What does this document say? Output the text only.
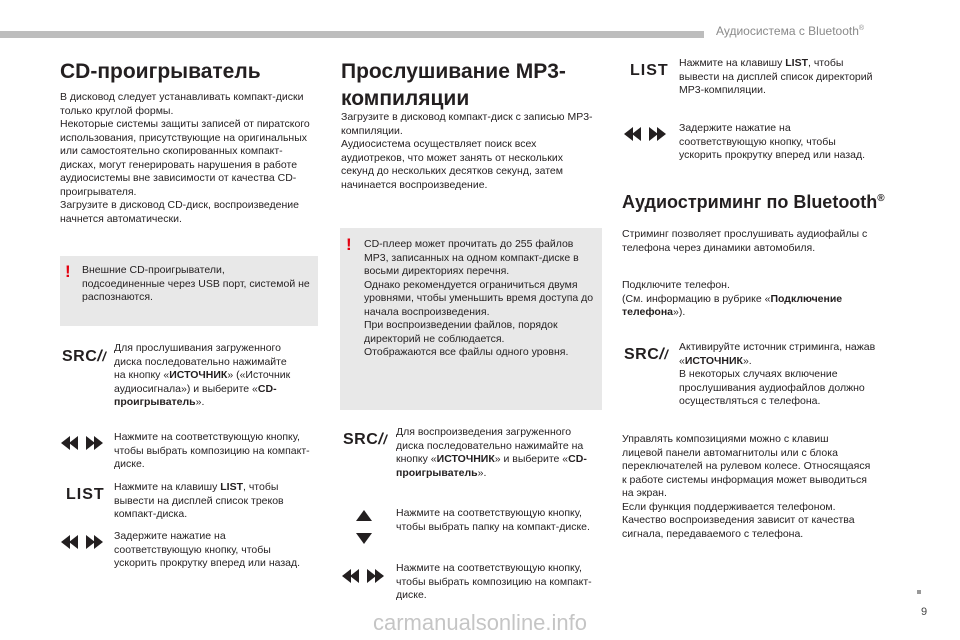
Аудиосистема с Bluetooth®
CD-проигрыватель
В дисковод следует устанавливать компакт-диски
только круглой формы.
Некоторые системы защиты записей от пиратского
использования, присутствующие на оригинальных
или самостоятельно скопированных компакт-
дисках, могут генерировать нарушения в работе
аудиосистемы вне зависимости от качества CD-
проигрывателя.
Загрузите в дисковод CD-диск, воспроизведение
начнется автоматически.
! Внешние CD-проигрыватели,
подсоединенные через USB порт, системой не
распознаются.
SRC//
Для прослушивания загруженного
диска последовательно нажимайте
на кнопку «ИСТОЧНИК» («Источник
аудиосигнала») и выберите «CD-
проигрыватель».
Нажмите на соответствующую кнопку,
чтобы выбрать композицию на компакт-
диске.
LIST Нажмите на клавишу LIST, чтобы
вывести на дисплей список треков
компакт-диска.
Задержите нажатие на
соответствующую кнопку, чтобы
ускорить прокрутку вперед или назад.
Прослушивание МР3-
компиляции
Загрузите в дисковод компакт-диск с записью МР3-
компиляции.
Аудиосистема осуществляет поиск всех
аудиотреков, что может занять от нескольких
секунд до нескольких десятков секунд, затем
начинается воспроизведение.
! CD-плеер может прочитать до 255 файлов
МР3, записанных на одном компакт-диске в
восьми директориях перечня.
Однако рекомендуется ограничиться двумя
уровнями, чтобы уменьшить время доступа до
начала воспроизведения.
При воспроизведении файлов, порядок
директорий не соблюдается.
Отображаются все файлы одного уровня.
SRC// Для воспроизведения загруженного
диска последовательно нажимайте на
кнопку «ИСТОЧНИК» и выберите «CD-
проигрыватель».
Нажмите на соответствующую кнопку,
чтобы выбрать папку на компакт-диске.
Нажмите на соответствующую кнопку,
чтобы выбрать композицию на компакт-
диске.
LIST Нажмите на клавишу LIST, чтобы
вывести на дисплей список директорий
МР3-компиляции.
Задержите нажатие на
соответствующую кнопку, чтобы
ускорить прокрутку вперед или назад.
Аудиостриминг по Bluetooth®
Стриминг позволяет прослушивать аудиофайлы с
телефона через динамики автомобиля.
Подключите телефон.
(См. информацию в рубрике «Подключение
телефона»).
SRC// Активируйте источник стриминга, нажав
«ИСТОЧНИК».
В некоторых случаях включение
прослушивания аудиофайлов должно
осуществляться с телефона.
Управлять композициями можно с клавиш
лицевой панели автомагнитолы или с блока
переключателей на рулевом колесе. Относящаяся
к работе системы информация может выводиться
на экран.
Если функция поддерживается телефоном.
Качество воспроизведения зависит от качества
сигнала, передаваемого с телефона.
9
carmanualsonline.info
